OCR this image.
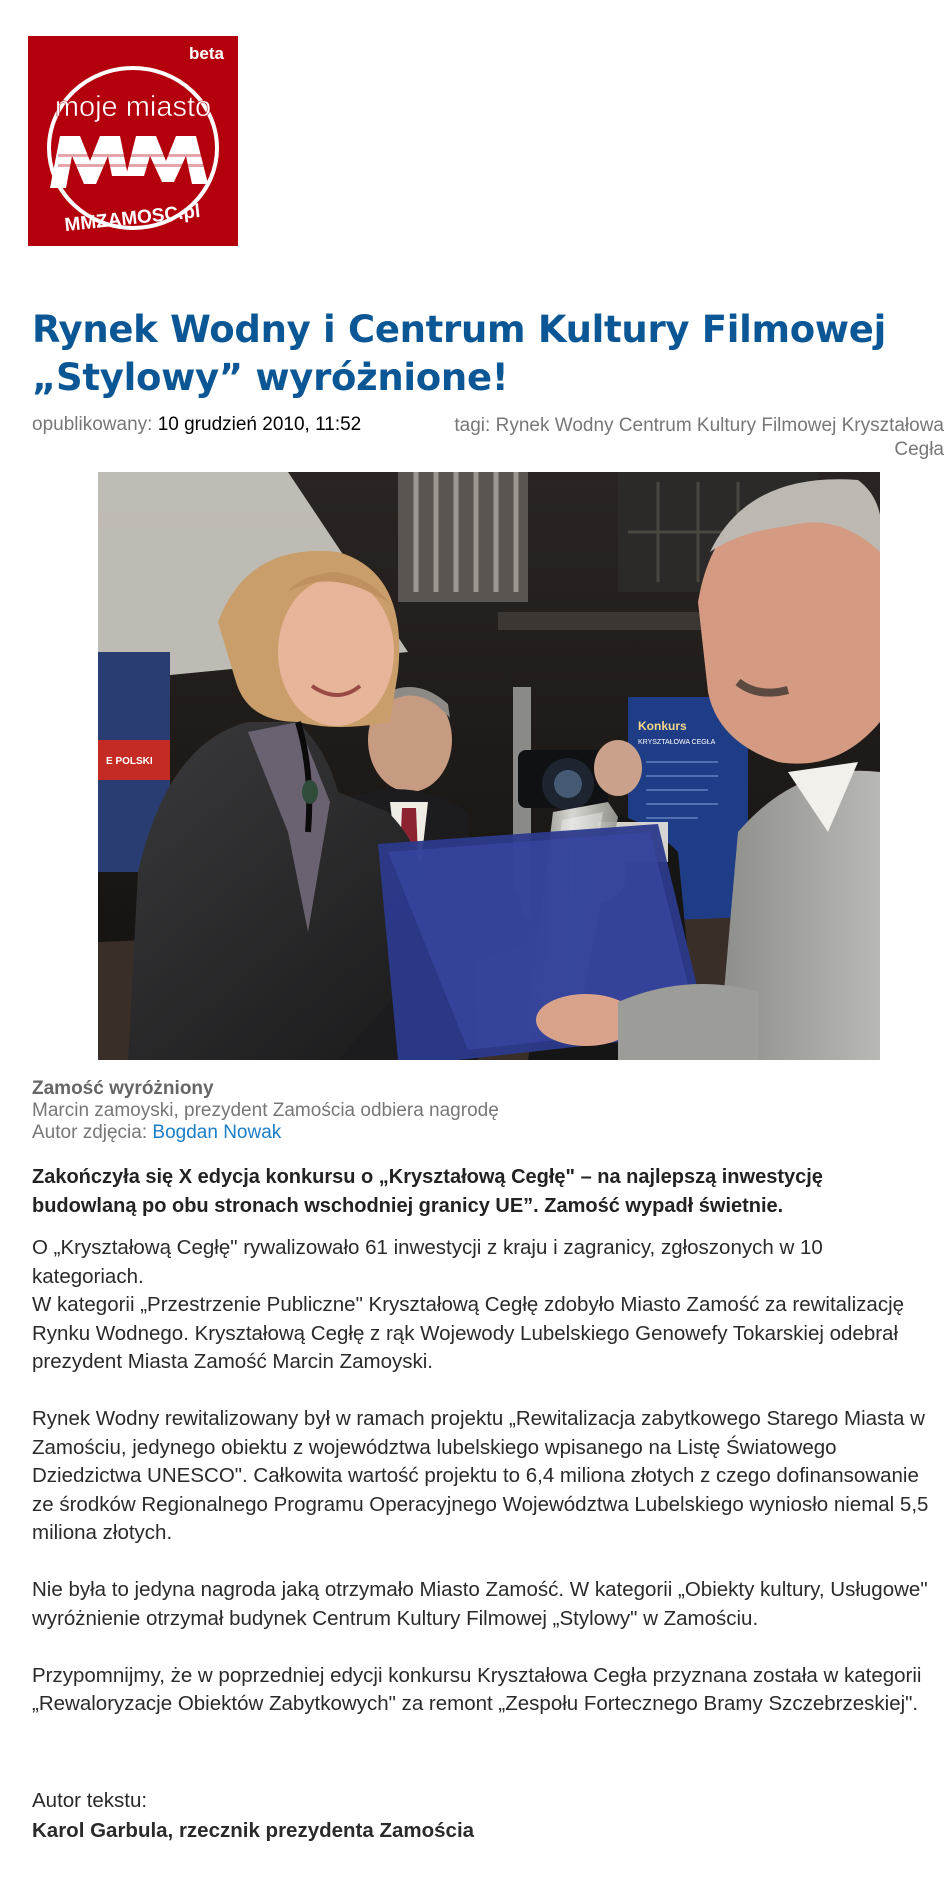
beta
moje miasto
MMZAMOSC.pl
Rynek Wodny i Centrum Kultury Filmowej
„Stylowy” wyróżnione!
opublikowany: 10 grudzień 2010, 11:52	tagi: Rynek Wodny Centrum Kultury Filmowej Kryształowa Cegła
E POLSKI
Konkurs
KRYSZTAŁOWA CEGŁA
Zamość wyróżniony
Marcin zamoyski, prezydent Zamościa odbiera nagrodę
Autor zdjęcia: Bogdan Nowak

Zakończyła się X edycja konkursu o „Kryształową Cegłę" – na najlepszą inwestycję budowlaną po obu stronach wschodniej granicy UE”. Zamość wypadł świetnie.

O „Kryształową Cegłę" rywalizowało 61 inwestycji z kraju i zagranicy, zgłoszonych w 10 kategoriach.

W kategorii „Przestrzenie Publiczne" Kryształową Cegłę zdobyło Miasto Zamość za rewitalizację Rynku Wodnego. Kryształową Cegłę z rąk Wojewody Lubelskiego Genowefy Tokarskiej odebrał prezydent Miasta Zamość Marcin Zamoyski.

Rynek Wodny rewitalizowany był w ramach projektu „Rewitalizacja zabytkowego Starego Miasta w Zamościu, jedynego obiektu z województwa lubelskiego wpisanego na Listę Światowego Dziedzictwa UNESCO". Całkowita wartość projektu to 6,4 miliona złotych z czego dofinansowanie ze środków Regionalnego Programu Operacyjnego Województwa Lubelskiego wyniosło niemal 5,5 miliona złotych.

Nie była to jedyna nagroda jaką otrzymało Miasto Zamość. W kategorii „Obiekty kultury, Usługowe" wyróżnienie otrzymał budynek Centrum Kultury Filmowej „Stylowy" w Zamościu.

Przypomnijmy, że w poprzedniej edycji konkursu Kryształowa Cegła przyznana została w kategorii „Rewaloryzacje Obiektów Zabytkowych" za remont „Zespołu Fortecznego Bramy Szczebrzeskiej".

Autor tekstu:
Karol Garbula, rzecznik prezydenta Zamościa
